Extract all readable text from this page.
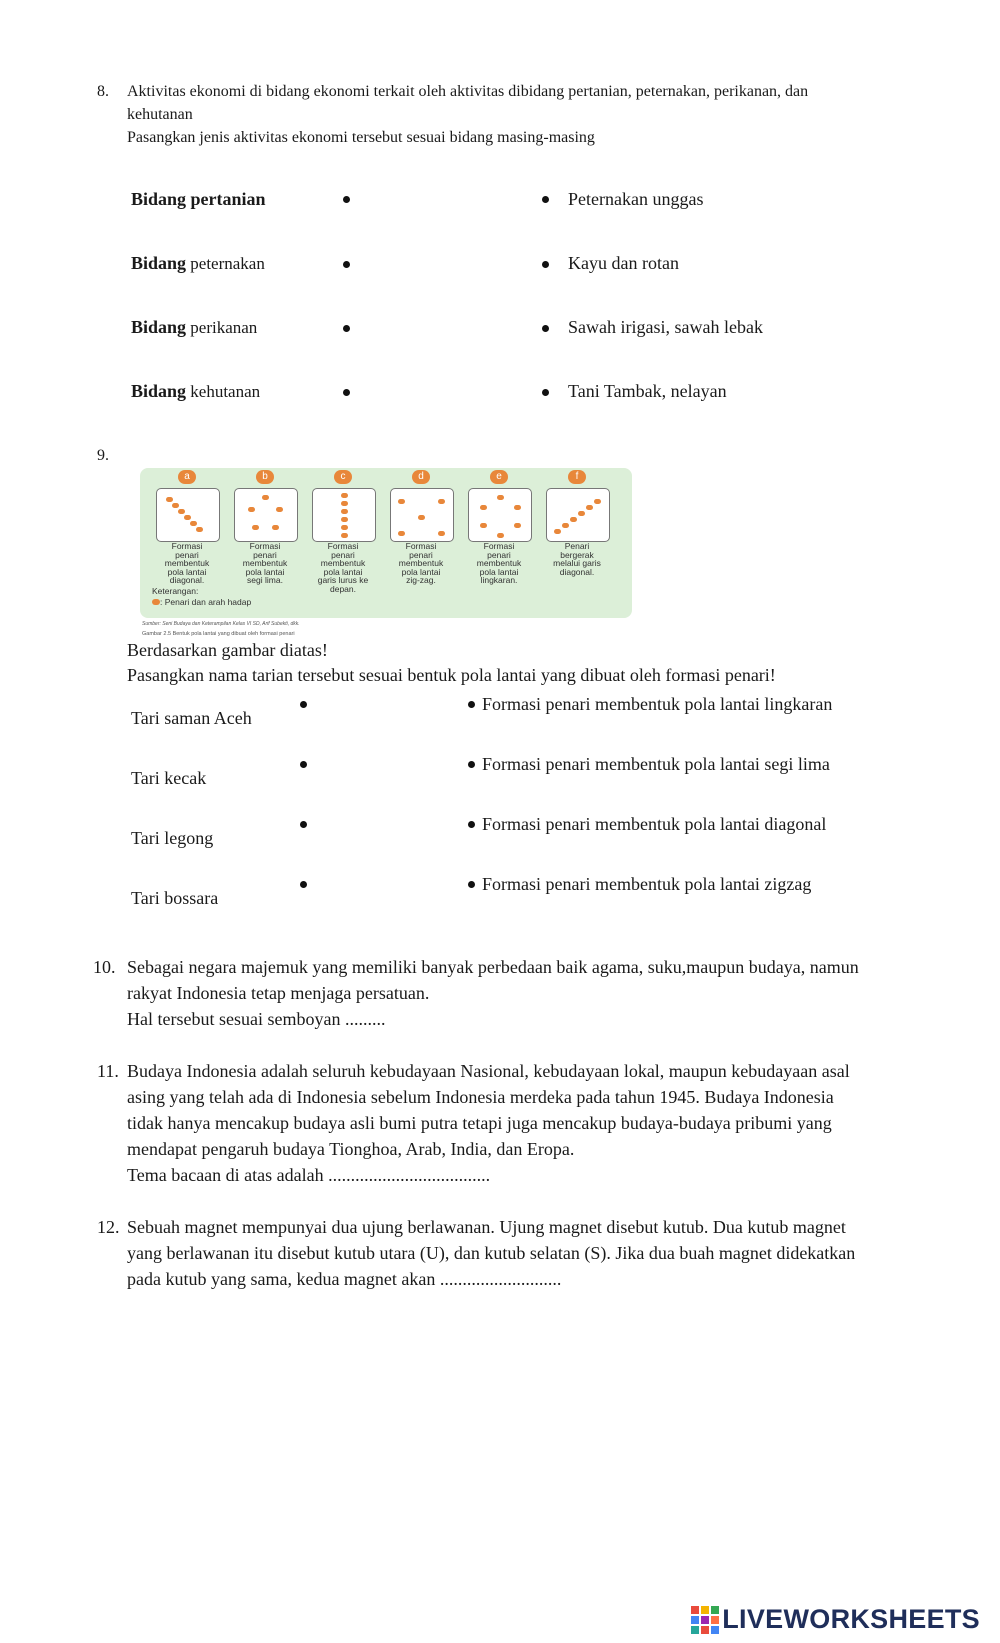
8. Aktivitas ekonomi di bidang ekonomi terkait oleh aktivitas dibidang pertanian, peternakan, perikanan, dan
kehutanan
Pasangkan jenis aktivitas ekonomi tersebut sesuai bidang masing-masing
Bidang pertanian
Bidang peternakan
Bidang perikanan
Bidang kehutanan
Peternakan unggas
Kayu dan rotan
Sawah irigasi, sawah lebak
Tani Tambak, nelayan
9.
a
Formasi
penari
membentuk
pola lantai
diagonal.
b
Formasi
penari
membentuk
pola lantai
segi lima.
c
Formasi
penari
membentuk
pola lantai
garis lurus ke
depan.
d
Formasi
penari
membentuk
pola lantai
zig-zag.
e
Formasi
penari
membentuk
pola lantai
lingkaran.
f
Penari
bergerak
melalui garis
diagonal.
Keterangan:
: Penari dan arah hadap
Sumber: Seni Budaya dan Keterampilan Kelas VI SD, Arif Subekti, dkk.
Gambar 2.5 Bentuk pola lantai yang dibuat oleh formasi penari
Berdasarkan gambar diatas!
Pasangkan nama tarian tersebut sesuai bentuk pola lantai yang dibuat oleh formasi penari!
Tari saman Aceh
Tari kecak
Tari legong
Tari bossara
Formasi penari membentuk pola lantai lingkaran
Formasi penari membentuk pola lantai segi lima
Formasi penari membentuk pola lantai diagonal
Formasi penari membentuk pola lantai zigzag
10. Sebagai negara majemuk yang memiliki banyak perbedaan baik agama, suku,maupun budaya, namun
rakyat Indonesia tetap menjaga persatuan.
Hal tersebut sesuai semboyan .........
11. Budaya Indonesia adalah seluruh kebudayaan Nasional, kebudayaan lokal, maupun kebudayaan asal
asing yang telah ada di Indonesia sebelum Indonesia merdeka pada tahun 1945. Budaya Indonesia
tidak hanya mencakup budaya asli bumi putra tetapi juga mencakup budaya-budaya pribumi yang
mendapat pengaruh budaya Tionghoa, Arab, India, dan Eropa.
Tema bacaan di atas adalah ....................................
12. Sebuah magnet mempunyai dua ujung berlawanan. Ujung magnet disebut kutub. Dua kutub magnet
yang berlawanan itu disebut kutub utara (U), dan kutub selatan (S). Jika dua buah magnet didekatkan
pada kutub yang sama, kedua magnet akan ...........................
LIVEWORKSHEETS
